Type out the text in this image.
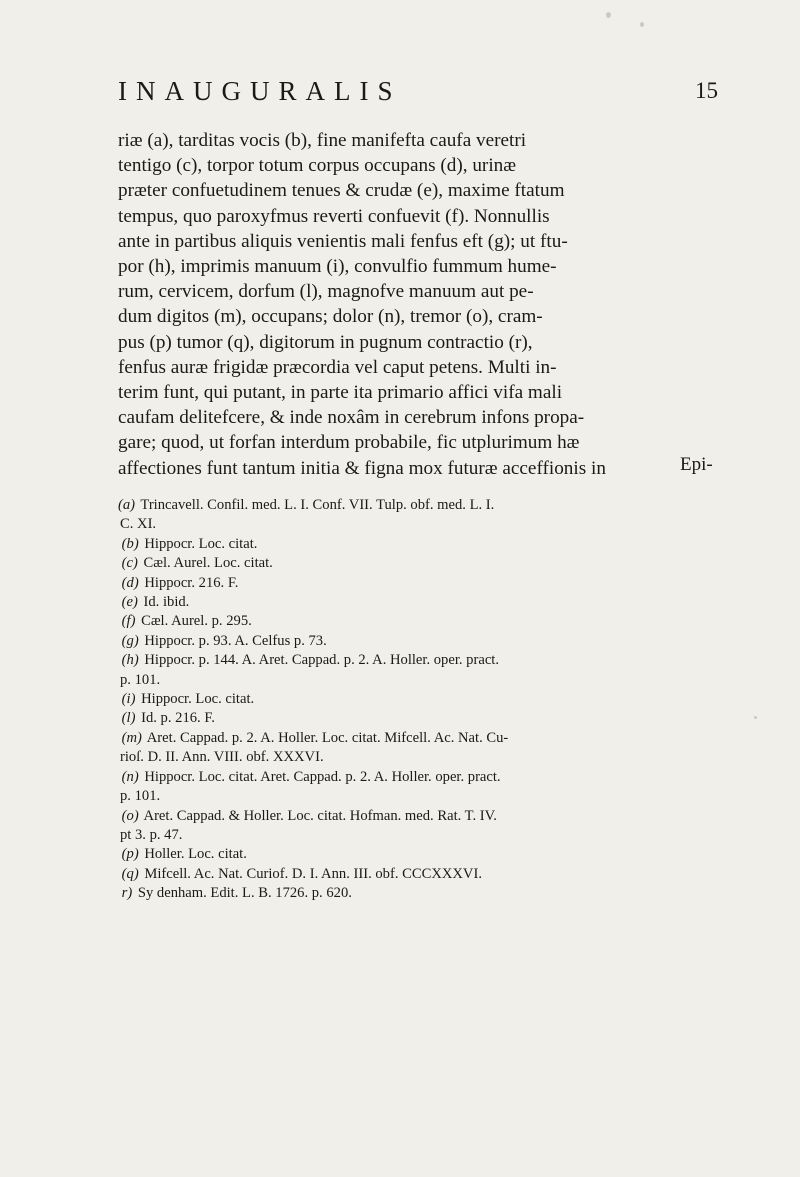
INAUGURALIS	15

riæ (a), tarditas vocis (b), fine manifefta caufa veretri

tentigo (c), torpor totum corpus occupans (d), urinæ

præter confuetudinem tenues & crudæ (e), maxime ftatum

tempus, quo paroxyfmus reverti confuevit (f). Nonnullis

ante in partibus aliquis venientis mali fenfus eft (g); ut ftu-

por (h), imprimis manuum (i), convulfio fummum hume-

rum, cervicem, dorfum (l), magnofve manuum aut pe-

dum digitos (m), occupans; dolor (n), tremor (o), cram-

pus (p) tumor (q), digitorum in pugnum contractio (r),

fenfus auræ frigidæ præcordia vel caput petens. Multi in-

terim funt, qui putant, in parte ita primario affici vifa mali

caufam delitefcere, & inde noxâm in cerebrum infons propa-

gare; quod, ut forfan interdum probabile, fic utplurimum hæ

affectiones funt tantum initia & figna mox futuræ acceffionis in	Epi-
(a) Trincavell. Confil. med. L. I. Conf. VII. Tulp. obf. med. L. I.
C. XI.
(b) Hippocr. Loc. citat.
(c) Cæl. Aurel. Loc. citat.
(d) Hippocr. 216. F.
(e) Id. ibid.
(f) Cæl. Aurel. p. 295.
(g) Hippocr. p. 93. A. Celfus p. 73.
(h) Hippocr. p. 144. A. Aret. Cappad. p. 2. A. Holler. oper. pract.
p. 101.
(i) Hippocr. Loc. citat.
(l) Id. p. 216. F.
(m) Aret. Cappad. p. 2. A. Holler. Loc. citat. Mifcell. Ac. Nat. Cu-
rioſ. D. II. Ann. VIII. obf. XXXVI.
(n) Hippocr. Loc. citat. Aret. Cappad. p. 2. A. Holler. oper. pract.
p. 101.
(o) Aret. Cappad. & Holler. Loc. citat. Hofman. med. Rat. T. IV.
pt 3. p. 47.
(p) Holler. Loc. citat.
(q) Mifcell. Ac. Nat. Curiof. D. I. Ann. III. obf. CCCXXXVI.
r) Sy denham. Edit. L. B. 1726. p. 620.
